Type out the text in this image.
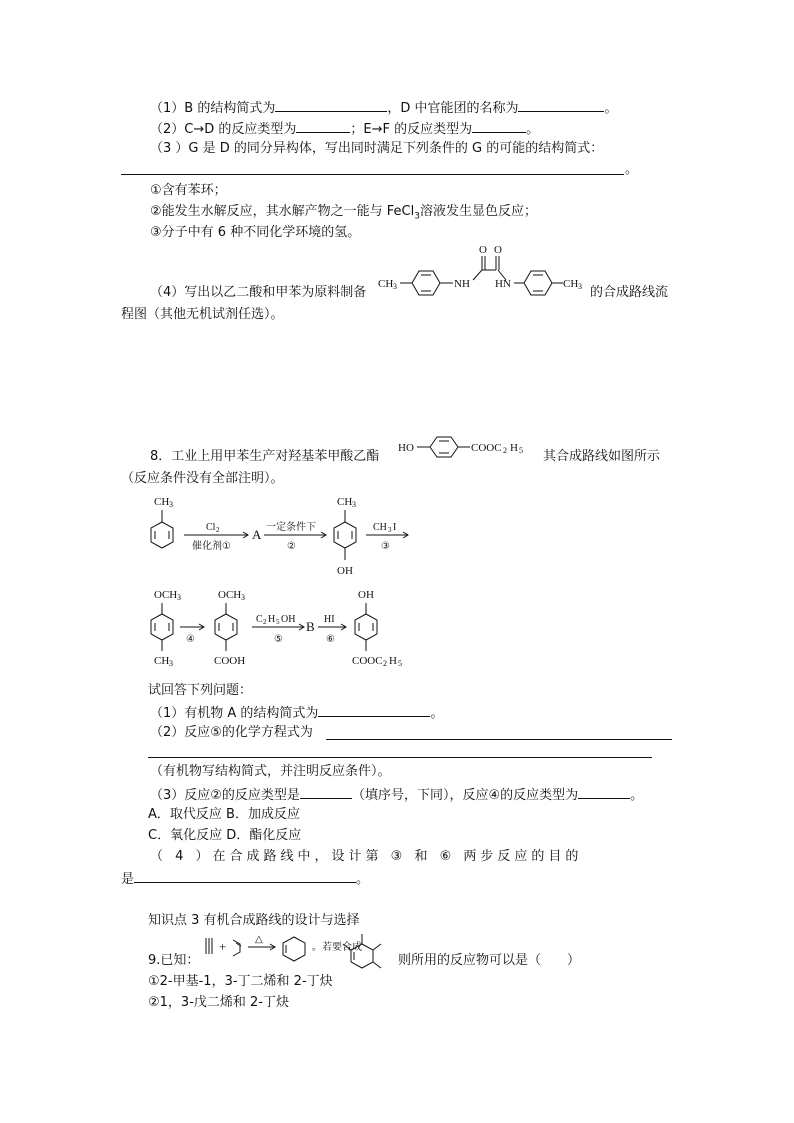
（1）B 的结构简式为	，D 中官能团的名称为	。
（2）C→D 的反应类型为	；E→F 的反应类型为	。
（3 ）G 是 D 的同分异构体，写出同时满足下列条件的 G 的可能的结构简式：
。
①含有苯环；
②能发生水解反应，其水解产物之一能与 FeCl$_3$溶液发生显色反应；
③分子中有 6 种不同化学环境的氢。
（4）写出以乙二酸和甲苯为原料制备
CH 3	NH
O O
HN	CH 3 的合成路线流
程图（其他无机试剂任选）。
8．工业上用甲苯生产对羟基苯甲酸乙酯
HO	COOC 2 H 5 其合成路线如图所示
（反应条件没有全部注明）。
CH 3
Cl 2
催化剂①
A 一定条件下
②
CH 3
OH
CH 3 I
③
OCH 3
CH 3
④
OCH 3
COOH
C 2 H 5 OH
⑤
B HI
⑥
OH
COOC 2 H 5
试回答下列问题：
（1）有机物 A 的结构简式为	。
（2）反应⑤的化学方程式为
（有机物写结构简式，并注明反应条件）。
（3）反应②的反应类型是	（填序号，下同），反应④的反应类型为	。
A．取代反应 B．加成反应
C．氧化反应 D．酯化反应
（ 4 ）在合成路线中，设计第 ③ 和 ⑥ 两步反应的目的
是	。
知识点 3 有机合成路线的设计与选择
9.已知：
+	△
。若要合成
则所用的反应物可以是（　　）
①2-甲基-1，3-丁二烯和 2-丁炔
②1，3-戊二烯和 2-丁炔
